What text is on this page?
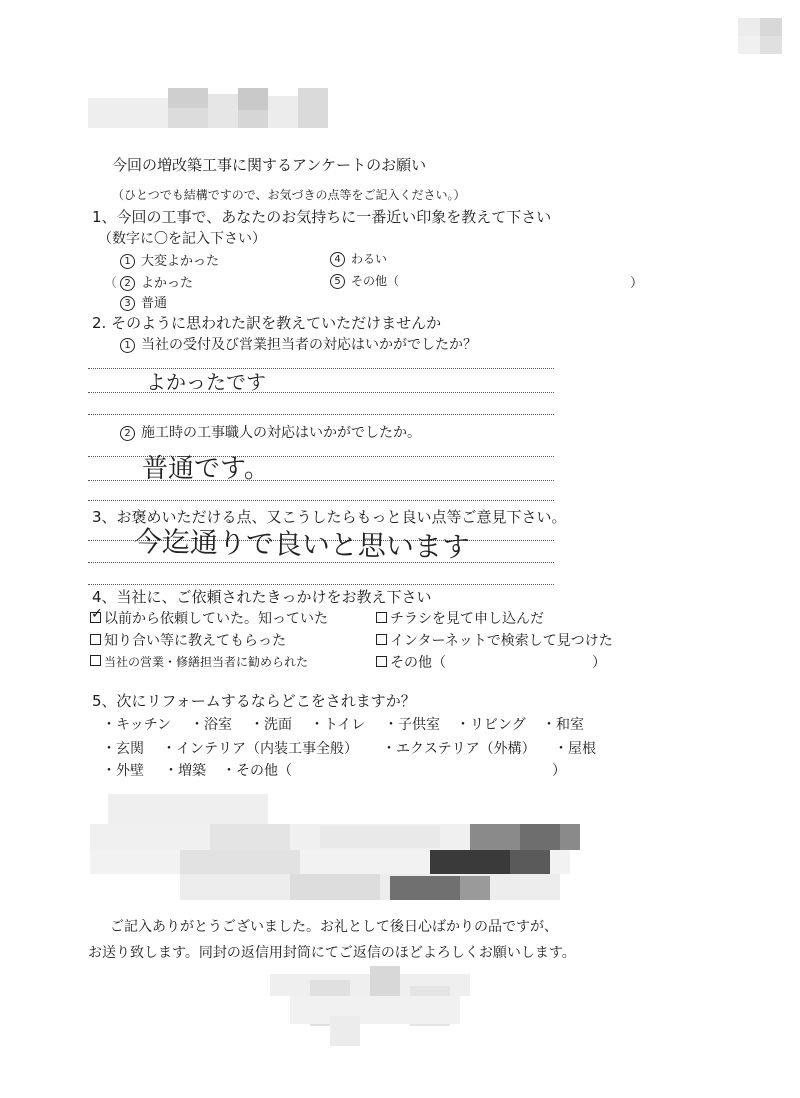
今回の増改築工事に関するアンケートのお願い
（ひとつでも結構ですので、お気づきの点等をご記入ください。）
1、今回の工事で、あなたのお気持ちに一番近い印象を教えて下さい
（数字に〇を記入下さい）
1 大変よかった
2 よかった
3 普通
4 わるい
5 その他（	）
（
2. そのように思われた訳を教えていただけませんか
1 当社の受付及び営業担当者の対応はいかがでしたか？
よかったです
2 施工時の工事職人の対応はいかがでしたか。
普通です。
3、お褒めいただける点、又こうしたらもっと良い点等ご意見下さい。
今迄通りで良いと思います
4、当社に、ご依頼されたきっかけをお教え下さい
✓ 以前から依頼していた。知っていた	チラシを見て申し込んだ
知り合い等に教えてもらった	インターネットで検索して見つけた
当社の営業・修繕担当者に勧められた	その他（	）
5、次にリフォームするならどこをされますか？
・キッチン ・浴室 ・洗面 ・トイレ ・子供室 ・リビング ・和室
・玄関 ・インテリア（内装工事全般） ・エクステリア（外構） ・屋根
・外壁 ・増築 ・その他（	）
ご記入ありがとうございました。お礼として後日心ばかりの品ですが、
お送り致します。同封の返信用封筒にてご返信のほどよろしくお願いします。
